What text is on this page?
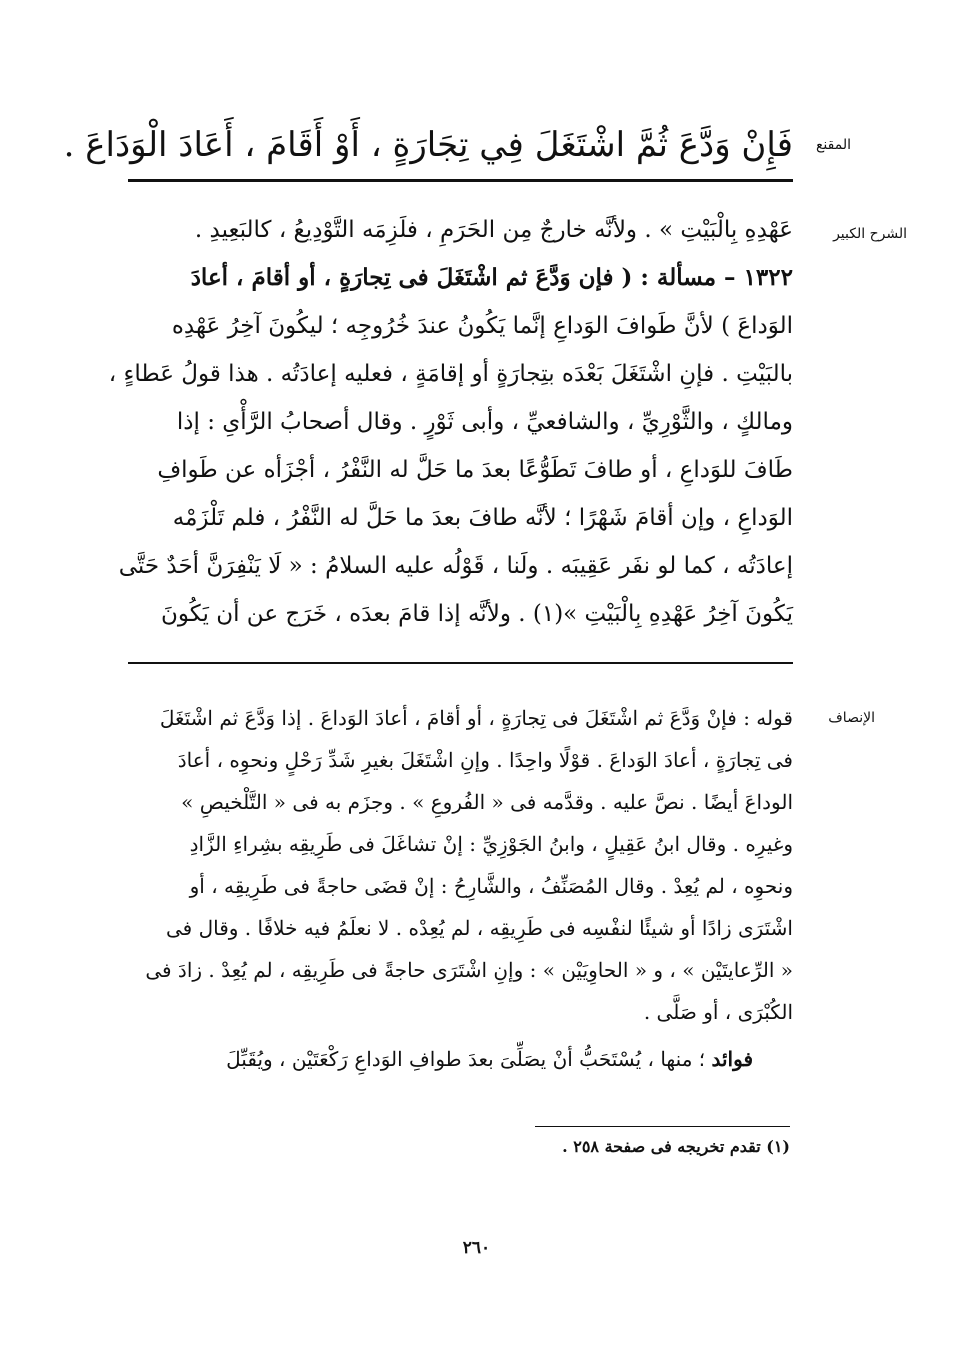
المقنع
فَإِنْ وَدَّعَ ثُمَّ اشْتَغَلَ فِي تِجَارَةٍ ، أَوْ أَقَامَ ، أَعَادَ الْوَدَاعَ .
الشرح الكبير
عَهْدِهِ بِالْبَيْتِ » . ولأنَّه خارجٌ مِن الحَرَمِ ، فلَزِمَه التَّوْدِيعُ ، كالبَعِيدِ .
١٣٢٢ – مسألة : ( فإن وَدَّعَ ثم اشْتَغَلَ فى تِجارَةٍ ، أو أقامَ ، أعادَ
الوَداعَ ) لأنَّ طَوافَ الوَداعِ إنَّما يَكُونُ عندَ خُرُوجِه ؛ ليكُونَ آخِرُ عَهْدِه
بالبَيْتِ . فإنِ اشْتَغَلَ بَعْدَه بتِجارَةٍ أو إقامَةٍ ، فعليه إعادَتُه . هذا قولُ عَطاءٍ ،
ومالكٍ ، والثَّوْرِيِّ ، والشافعيِّ ، وأبى ثَوْرٍ . وقال أصحابُ الرَّأْىِ : إذا
طَافَ للوَداعِ ، أو طافَ تَطَوُّعًا بعدَ ما حَلَّ له النَّفْرُ ، أجْزَأه عن طَوافِ
الوَداعِ ، وإن أقامَ شَهْرًا ؛ لأنَّه طافَ بعدَ ما حَلَّ له النَّفْرُ ، فلم تَلْزَمْه
إعادَتُه ، كما لو نفَر عَقِيبَه . ولَنا ، قَوْلُه عليه السلامُ : « لَا يَنْفِرَنَّ أحَدٌ حَتَّى
يَكُونَ آخِرُ عَهْدِهِ بِالْبَيْتِ »(١) . ولأنَّه إذا قامَ بعدَه ، خَرَج عن أن يَكُونَ
الإنصاف
قوله : فإنْ وَدَّعَ ثم اشْتَغَلَ فى تِجارَةٍ ، أو أقامَ ، أعادَ الوَداعَ . إذا وَدَّعَ ثم اشْتَغَلَ
فى تِجارَةٍ ، أعادَ الوَداعَ . قوْلًا واحِدًا . وإنِ اشْتَغَلَ بغيرِ شَدِّ رَحْلٍ ونحوِه ، أعادَ
الوداعَ أيضًا . نصَّ عليه . وقدَّمه فى « الفُروعِ » . وجزَم به فى « التَّلْخيصِ »
وغيرِه . وقال ابنُ عَقِيلٍ ، وابنُ الجَوْزِيِّ : إنْ تشاغَلَ فى طَرِيقِه بشِراءِ الزَّادِ
ونحوِه ، لم يُعِدْ . وقال المُصَنِّفُ ، والشَّارِحُ : إنْ قضَى حاجةً فى طَرِيقِه ، أو
اشْتَرَى زادًا أو شيئًا لنفْسِه فى طَرِيقِه ، لم يُعِدْه . لا نعلَمُ فيه خلافًا . وقال فى
« الرِّعايتَيْن » ، و « الحاوِيَيْن » : وإنِ اشْتَرَى حاجةً فى طَرِيقِه ، لم يُعِدْ . زادَ فى
الكُبْرَى ، أو صَلَّى .
فوائد ؛ منها ، يُسْتَحَبُّ أنْ يصَلِّىَ بعدَ طوافِ الوَداعِ رَكْعَتَيْن ، ويُقَبِّلَ
(١) تقدم تخريجه فى صفحة ٢٥٨ .
٢٦٠
